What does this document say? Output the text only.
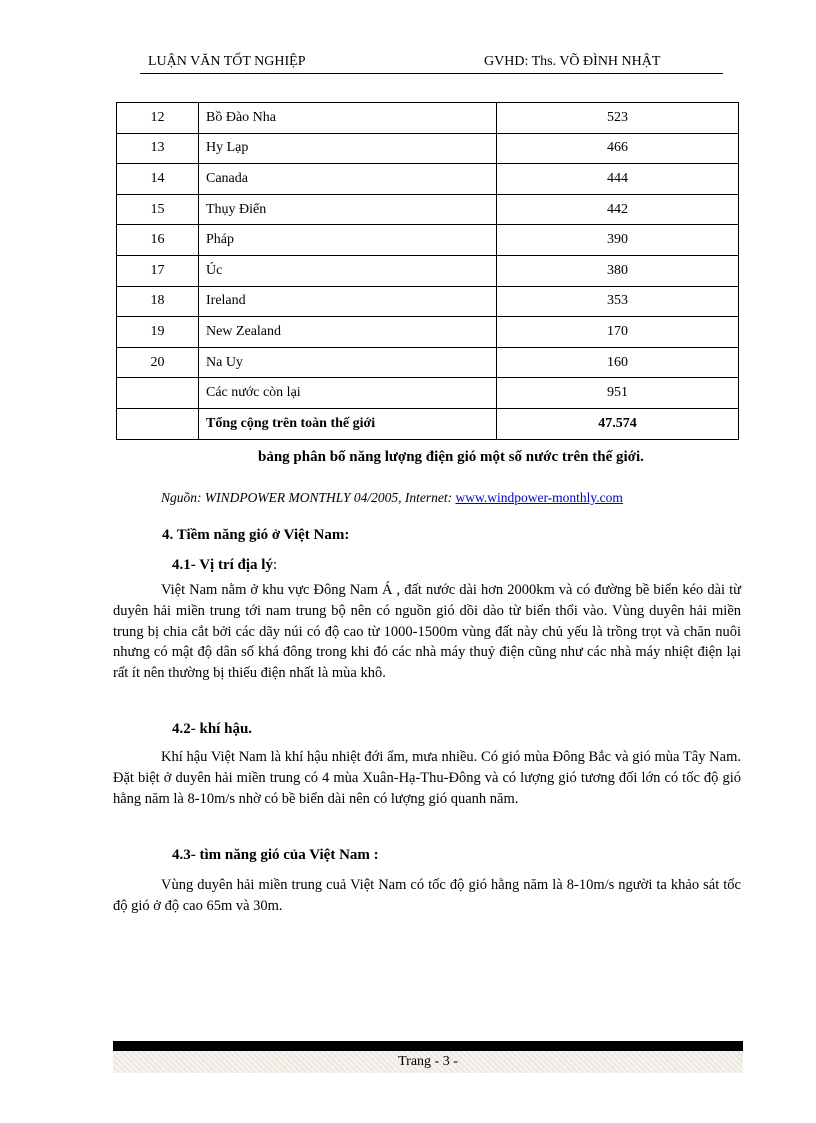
LUẬN VĂN TỐT NGHIỆP	GVHD: Ths. VÕ ĐÌNH NHẬT
12	Bồ Đào Nha	523
13	Hy Lạp	466
14	Canada	444
15	Thụy Điển	442
16	Pháp	390
17	Úc	380
18	Ireland	353
19	New Zealand	170
20	Na Uy	160
	Các nước còn lại	951
	Tổng cộng trên toàn thế giới	47.574
bảng phân bố năng lượng điện gió một số nước trên thế giới.
Nguồn: WINDPOWER MONTHLY 04/2005, Internet: www.windpower-monthly.com
4. Tiềm năng gió ở Việt Nam:
4.1- Vị trí địa lý:

Việt Nam nằm ở khu vực Đông Nam Á , đất nước dài hơn 2000km và có đường bề biển kéo dài từ duyên hải miền trung tới nam trung bộ nên có nguồn gió dồi dào từ biển thổi vào. Vùng duyên hải miền trung bị chia cắt bởi các dãy núi có độ cao từ 1000-1500m vùng đất này chủ yếu là trồng trọt và chăn nuôi nhưng có mật độ dân số khá đông trong khi đó các nhà máy thuỷ điện cũng như các nhà máy nhiệt điện lại rất ít nên thường bị thiếu điện nhất là mùa khô.

4.2- khí hậu.

Khí hậu Việt Nam là khí hậu nhiệt đới ẩm, mưa nhiều. Có gió mùa Đông Bắc và gió mùa Tây Nam. Đặt biệt ở duyên hải miền trung có 4 mùa Xuân-Hạ-Thu-Đông và có lượng gió tương đối lớn có tốc độ gió hằng năm là 8-10m/s nhờ có bề biển dài nên có lượng gió quanh năm.

4.3- tìm năng gió của Việt Nam :

Vùng duyên hải miền trung cuả Việt Nam có tốc độ gió hằng năm là 8-10m/s người ta khảo sát tốc độ gió ở độ cao 65m và 30m.

Trang - 3 -
